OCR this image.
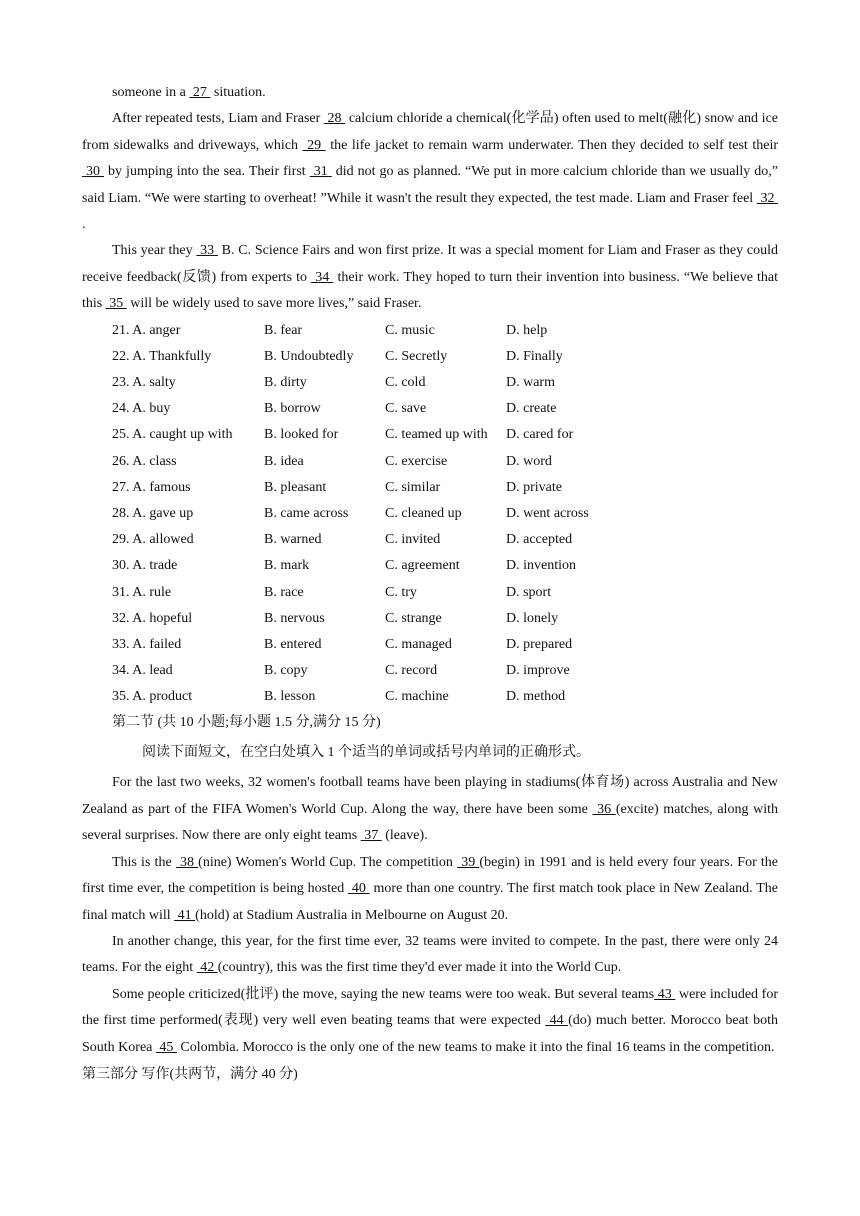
someone in a  27  situation.

After repeated tests, Liam and Fraser  28  calcium chloride a chemical(化学品) often used to melt(融化) snow and ice from sidewalks and driveways, which  29  the life jacket to remain warm underwater. Then they decided to self test their  30  by jumping into the sea. Their first  31  did not go as planned. “We put in more calcium chloride than we usually do,” said Liam. “We were starting to overheat! ”While it wasn't the result they expected, the test made. Liam and Fraser feel  32  .

This year they  33  B. C. Science Fairs and won first prize. It was a special moment for Liam and Fraser as they could receive feedback(反馈) from experts to  34  their work. They hoped to turn their invention into business. “We believe that this  35  will be widely used to save more lives,” said Fraser.

21. A. anger	B. fear	C. music	D. help
22. A. Thankfully	B. Undoubtedly	C. Secretly	D. Finally
23. A. salty	B. dirty	C. cold	D. warm
24. A. buy	B. borrow	C. save	D. create
25. A. caught up with	B. looked for	C. teamed up with	D. cared for
26. A. class	B. idea	C. exercise	D. word
27. A. famous	B. pleasant	C. similar	D. private
28. A. gave up	B. came across	C. cleaned up	D. went across
29. A. allowed	B. warned	C. invited	D. accepted
30. A. trade	B. mark	C. agreement	D. invention
31. A. rule	B. race	C. try	D. sport
32. A. hopeful	B. nervous	C. strange	D. lonely
33. A. failed	B. entered	C. managed	D. prepared
34. A. lead	B. copy	C. record	D. improve
35. A. product	B. lesson	C. machine	D. method

第二节 (共 10 小题;每小题 1.5 分,满分 15 分)

阅读下面短文，在空白处填入 1 个适当的单词或括号内单词的正确形式。

For the last two weeks, 32 women's football teams have been playing in stadiums(体育场) across Australia and New Zealand as part of the FIFA Women's World Cup. Along the way, there have been some  36 (excite) matches, along with several surprises. Now there are only eight teams  37  (leave).

This is the  38 (nine) Women's World Cup. The competition  39 (begin) in 1991 and is held every four years. For the first time ever, the competition is being hosted  40  more than one country. The first match took place in New Zealand. The final match will  41 (hold) at Stadium Australia in Melbourne on August 20.

In another change, this year, for the first time ever, 32 teams were invited to compete. In the past, there were only 24 teams. For the eight  42 (country), this was the first time they'd ever made it into the World Cup.

Some people criticized(批评) the move, saying the new teams were too weak. But several teams 43  were included for the first time performed(表现) very well even beating teams that were expected  44 (do) much better. Morocco beat both South Korea  45  Colombia. Morocco is the only one of the new teams to make it into the final 16 teams in the competition.

第三部分 写作(共两节，满分 40 分)
